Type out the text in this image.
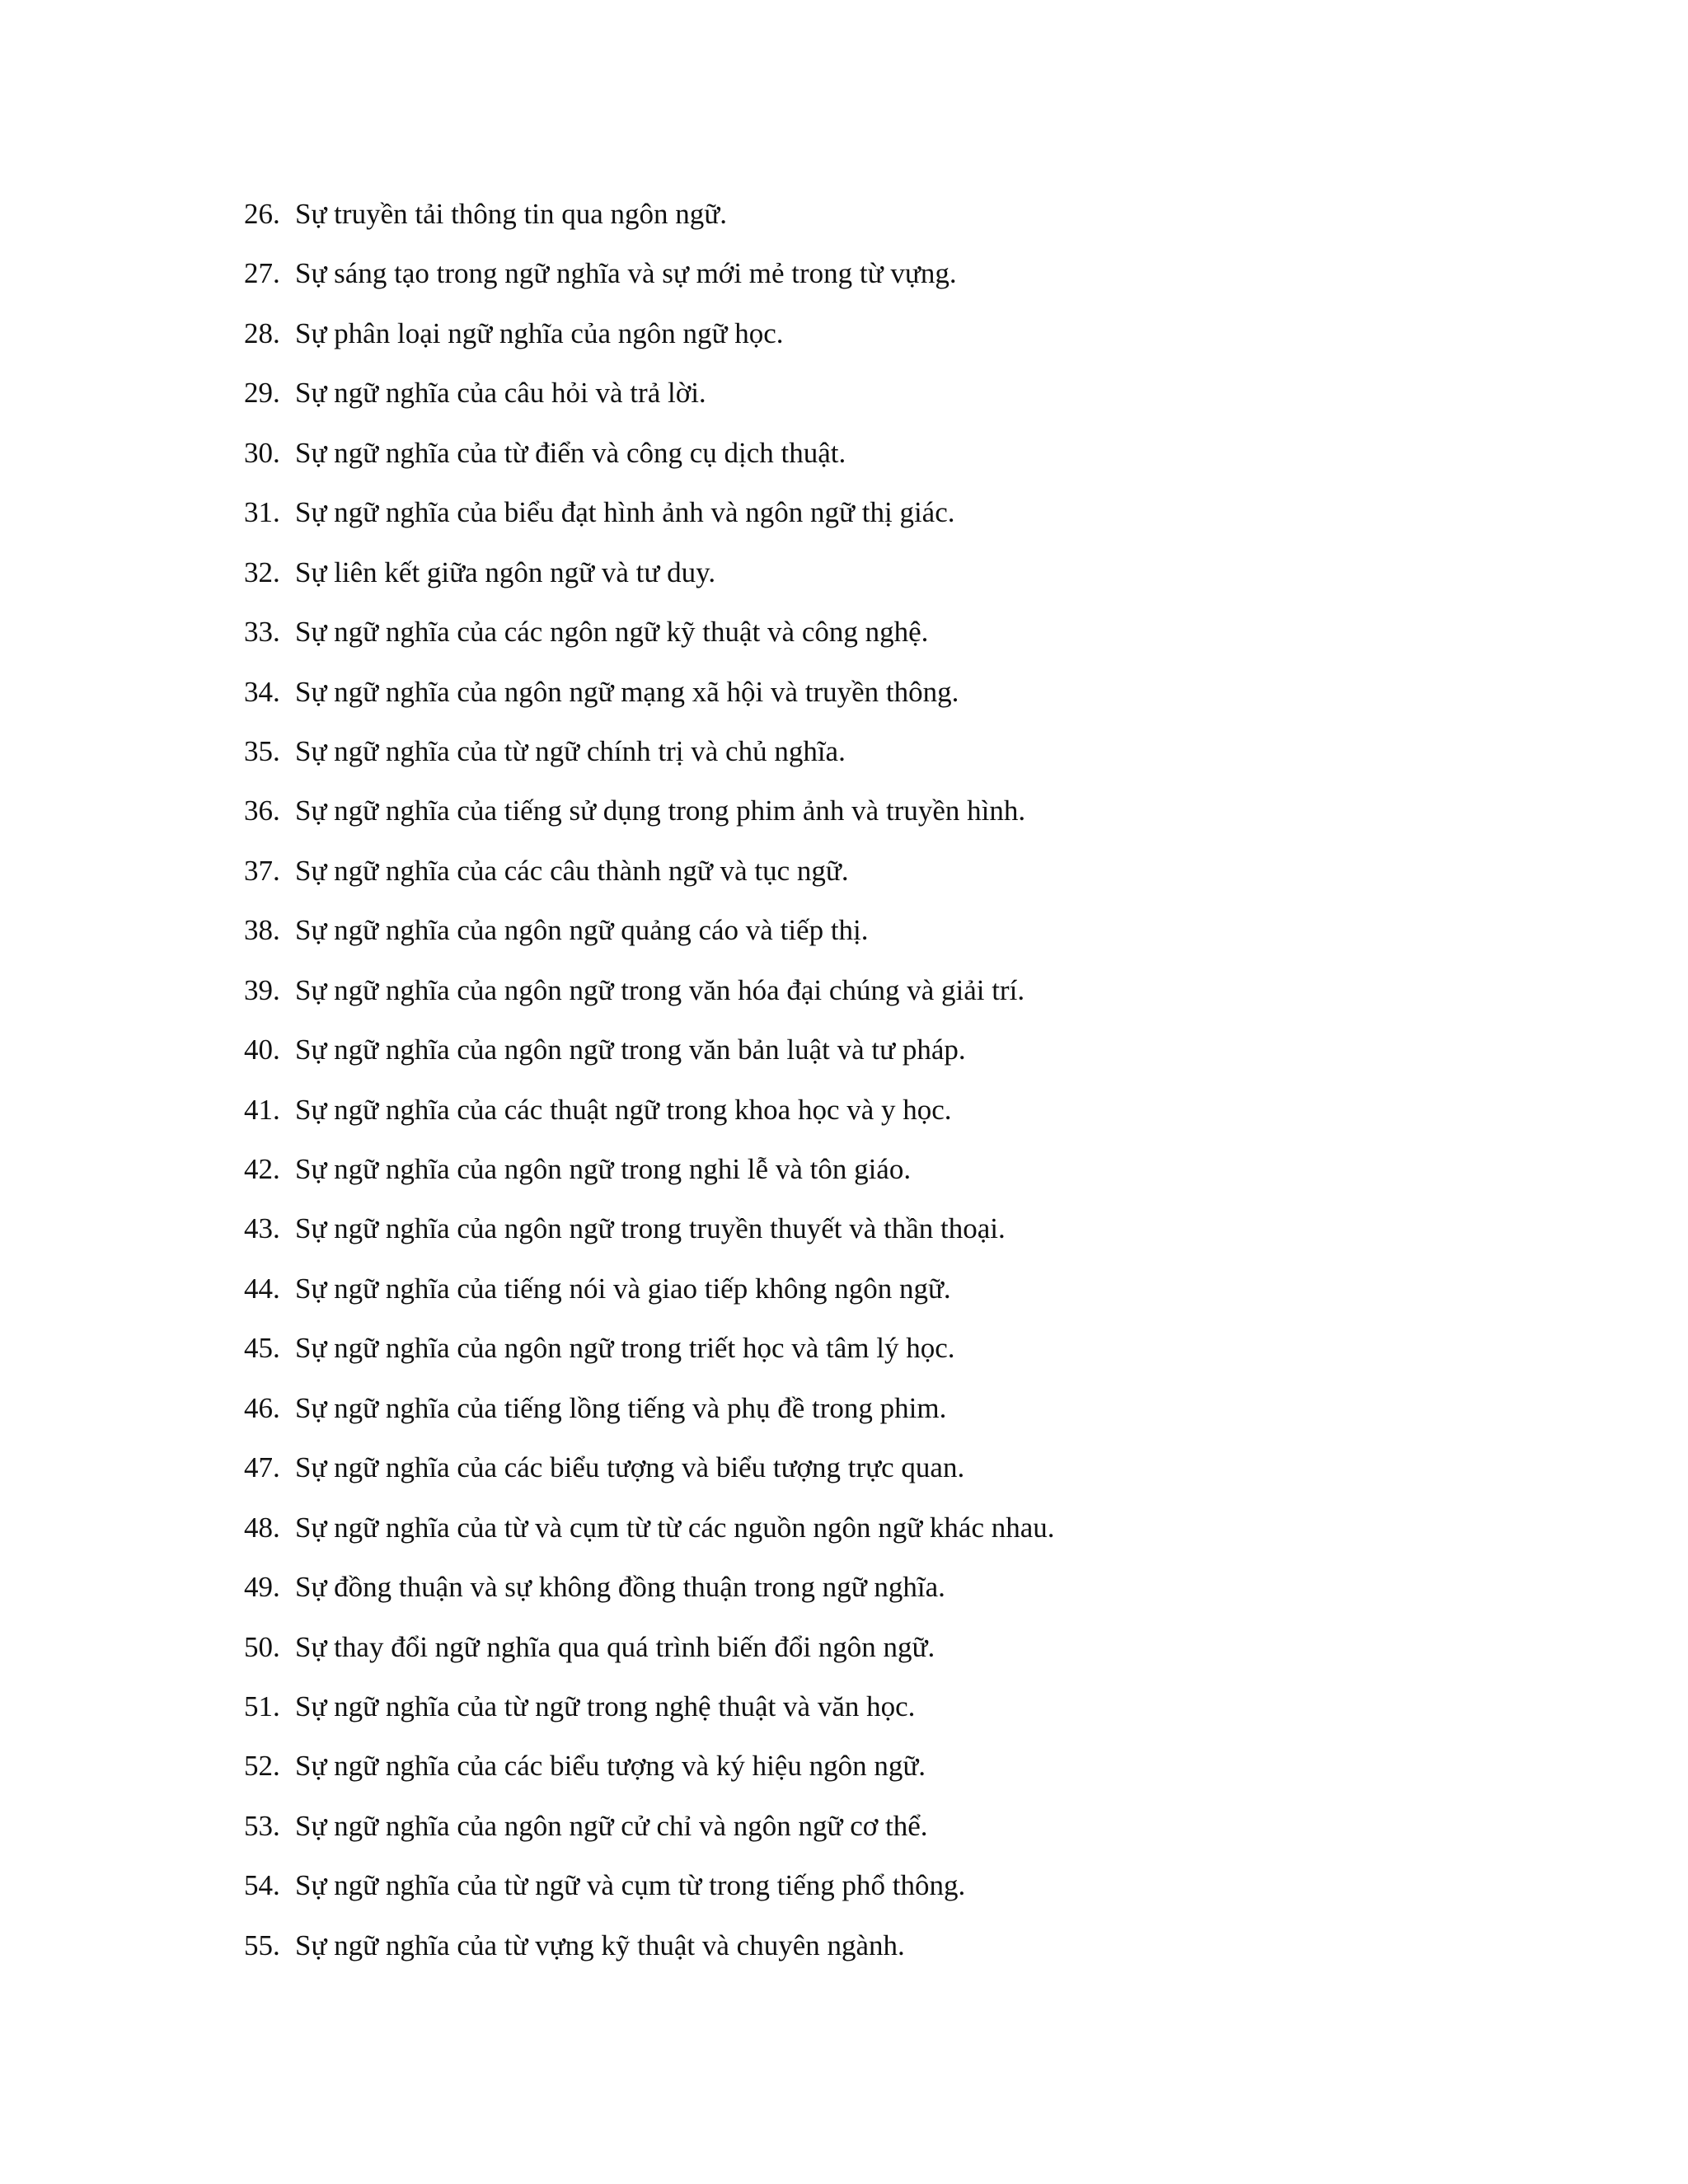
26. Sự truyền tải thông tin qua ngôn ngữ.
27. Sự sáng tạo trong ngữ nghĩa và sự mới mẻ trong từ vựng.
28. Sự phân loại ngữ nghĩa của ngôn ngữ học.
29. Sự ngữ nghĩa của câu hỏi và trả lời.
30. Sự ngữ nghĩa của từ điển và công cụ dịch thuật.
31. Sự ngữ nghĩa của biểu đạt hình ảnh và ngôn ngữ thị giác.
32. Sự liên kết giữa ngôn ngữ và tư duy.
33. Sự ngữ nghĩa của các ngôn ngữ kỹ thuật và công nghệ.
34. Sự ngữ nghĩa của ngôn ngữ mạng xã hội và truyền thông.
35. Sự ngữ nghĩa của từ ngữ chính trị và chủ nghĩa.
36. Sự ngữ nghĩa của tiếng sử dụng trong phim ảnh và truyền hình.
37. Sự ngữ nghĩa của các câu thành ngữ và tục ngữ.
38. Sự ngữ nghĩa của ngôn ngữ quảng cáo và tiếp thị.
39. Sự ngữ nghĩa của ngôn ngữ trong văn hóa đại chúng và giải trí.
40. Sự ngữ nghĩa của ngôn ngữ trong văn bản luật và tư pháp.
41. Sự ngữ nghĩa của các thuật ngữ trong khoa học và y học.
42. Sự ngữ nghĩa của ngôn ngữ trong nghi lễ và tôn giáo.
43. Sự ngữ nghĩa của ngôn ngữ trong truyền thuyết và thần thoại.
44. Sự ngữ nghĩa của tiếng nói và giao tiếp không ngôn ngữ.
45. Sự ngữ nghĩa của ngôn ngữ trong triết học và tâm lý học.
46. Sự ngữ nghĩa của tiếng lồng tiếng và phụ đề trong phim.
47. Sự ngữ nghĩa của các biểu tượng và biểu tượng trực quan.
48. Sự ngữ nghĩa của từ và cụm từ từ các nguồn ngôn ngữ khác nhau.
49. Sự đồng thuận và sự không đồng thuận trong ngữ nghĩa.
50. Sự thay đổi ngữ nghĩa qua quá trình biến đổi ngôn ngữ.
51. Sự ngữ nghĩa của từ ngữ trong nghệ thuật và văn học.
52. Sự ngữ nghĩa của các biểu tượng và ký hiệu ngôn ngữ.
53. Sự ngữ nghĩa của ngôn ngữ cử chỉ và ngôn ngữ cơ thể.
54. Sự ngữ nghĩa của từ ngữ và cụm từ trong tiếng phổ thông.
55. Sự ngữ nghĩa của từ vựng kỹ thuật và chuyên ngành.
